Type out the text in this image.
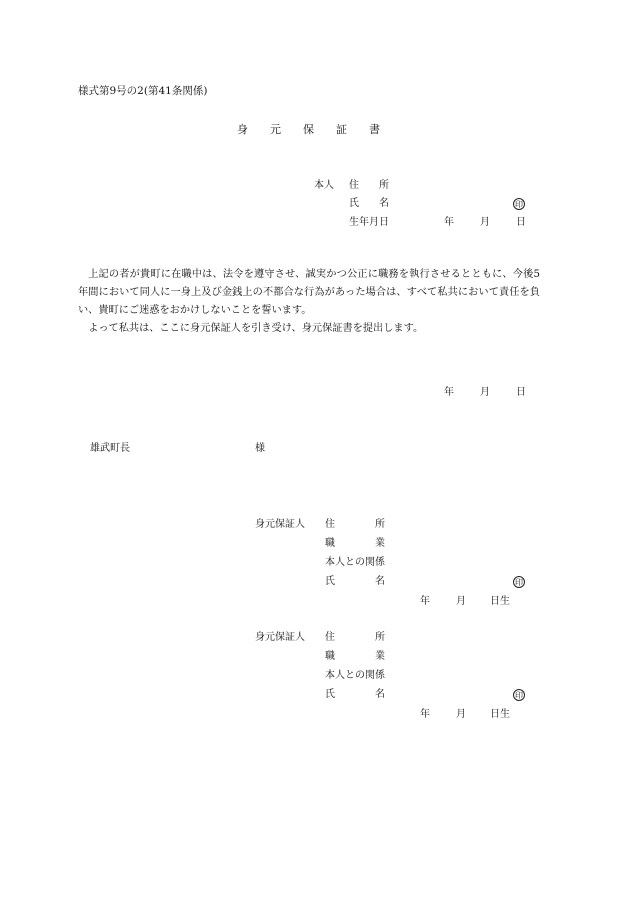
様式第9号の2(第41条関係)
身　　元　　保　　証　　書
本人 住　　所
氏　　名	印
生年月日	年	月	日

上記の者が貴町に在職中は、法令を遵守させ、誠実かつ公正に職務を執行させるとともに、今後5年間において同人に一身上及び金銭上の不都合な行為があった場合は、すべて私共において責任を負い、貴町にご迷惑をおかけしないことを誓います。

よって私共は、ここに身元保証人を引き受け、身元保証書を提出します。

年	月	日
雄武町長	様
身元保証人 住　　　　所
職　　　　業
本人との関係
氏　　　　名	印
年	月 日生
身元保証人 住　　　　所
職　　　　業
本人との関係
氏　　　　名	印
年	月 日生
